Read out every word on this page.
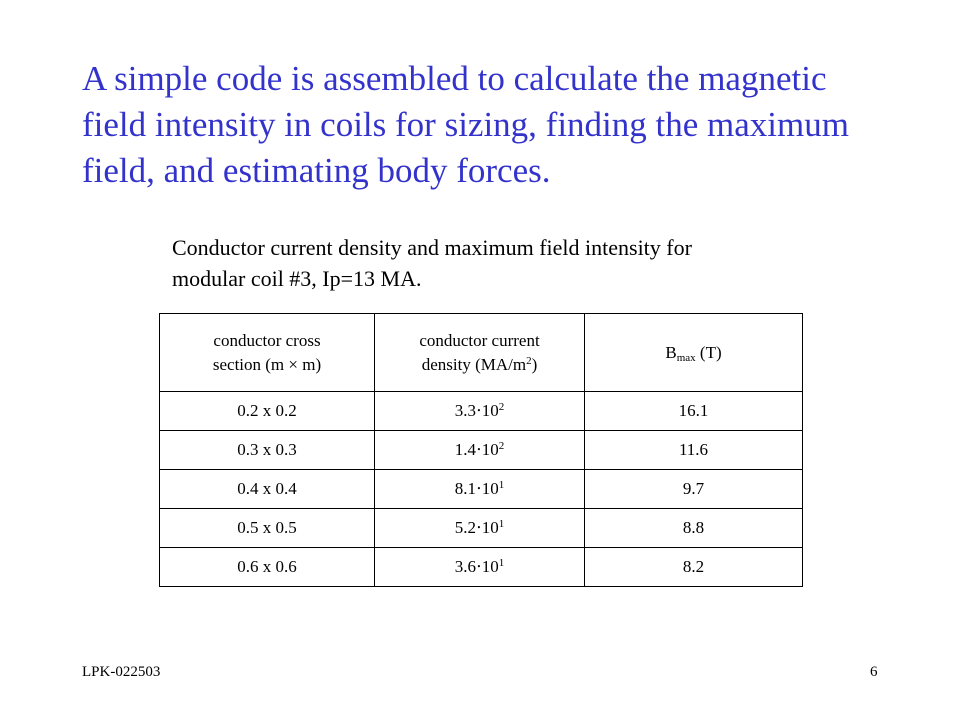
A simple code is assembled to calculate the magnetic
field intensity in coils for sizing, finding the maximum
field, and estimating body forces.

Conductor current density and maximum field intensity for
modular coil #3, Ip=13 MA.

conductor cross
section (m × m)	conductor current
density $(MA/m^2)$	$B_{max}$ (T)
0.2 x 0.2	$3.3\cdot 10^2$	16.1
0.3 x 0.3	$1.4\cdot 10^2$	11.6
0.4 x 0.4	$8.1\cdot 10^1$	9.7
0.5 x 0.5	$5.2\cdot 10^1$	8.8
0.6 x 0.6	$3.6\cdot 10^1$	8.2
LPK-022503	6
